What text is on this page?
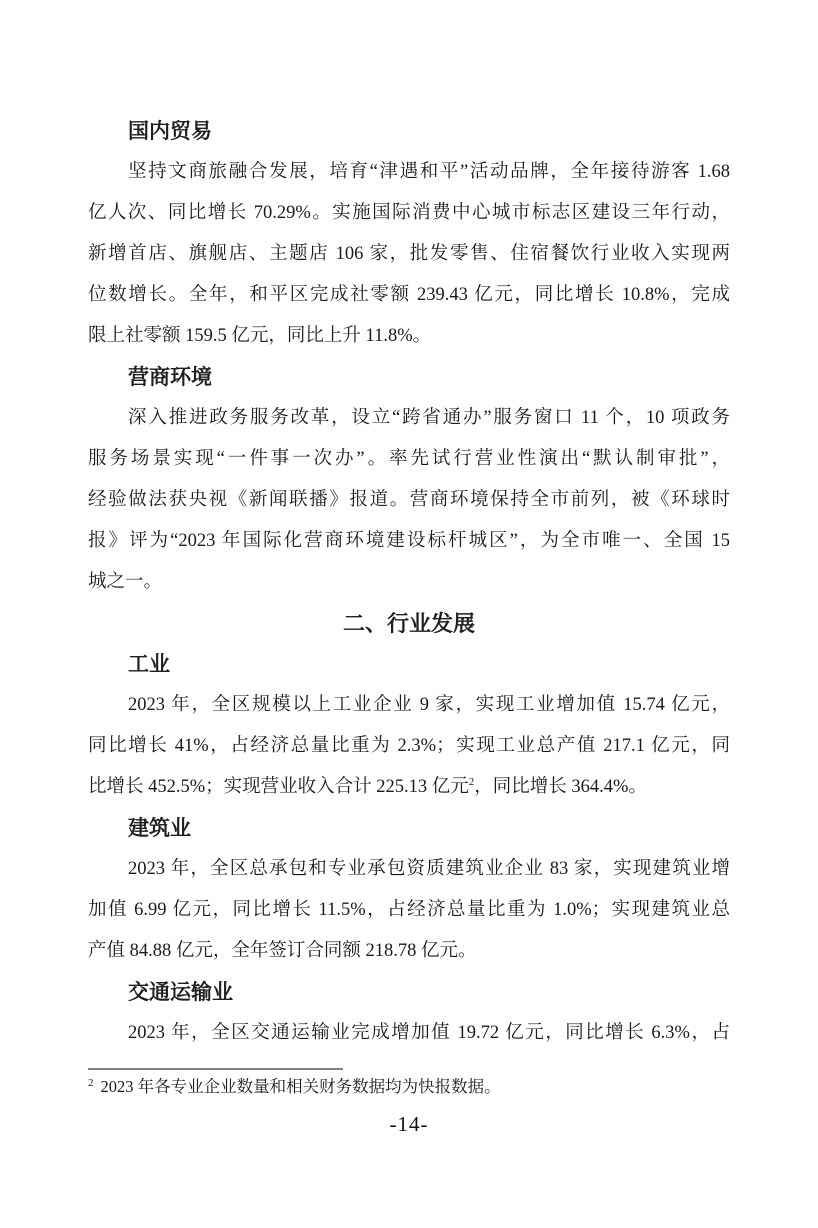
国内贸易
坚持文商旅融合发展，培育“津遇和平”活动品牌，全年接待游客 1.68
亿人次、同比增长 70.29%。实施国际消费中心城市标志区建设三年行动，
新增首店、旗舰店、主题店 106 家，批发零售、住宿餐饮行业收入实现两
位数增长。全年，和平区完成社零额 239.43 亿元，同比增长 10.8%，完成
限上社零额 159.5 亿元，同比上升 11.8%。
营商环境
深入推进政务服务改革，设立“跨省通办”服务窗口 11 个，10 项政务
服务场景实现“一件事一次办”。率先试行营业性演出“默认制审批”，
经验做法获央视《新闻联播》报道。营商环境保持全市前列，被《环球时
报》评为“2023 年国际化营商环境建设标杆城区”，为全市唯一、全国 15
城之一。
二、行业发展
工业
2023 年，全区规模以上工业企业 9 家，实现工业增加值 15.74 亿元，
同比增长 41%，占经济总量比重为 2.3%；实现工业总产值 217.1 亿元，同
比增长 452.5%；实现营业收入合计 225.13 亿元$^2$，同比增长 364.4%。
建筑业
2023 年，全区总承包和专业承包资质建筑业企业 83 家，实现建筑业增
加值 6.99 亿元，同比增长 11.5%，占经济总量比重为 1.0%；实现建筑业总
产值 84.88 亿元，全年签订合同额 218.78 亿元。
交通运输业
2023 年，全区交通运输业完成增加值 19.72 亿元，同比增长 6.3%，占
$^2$ 2023 年各专业企业数量和相关财务数据均为快报数据。
-14-
